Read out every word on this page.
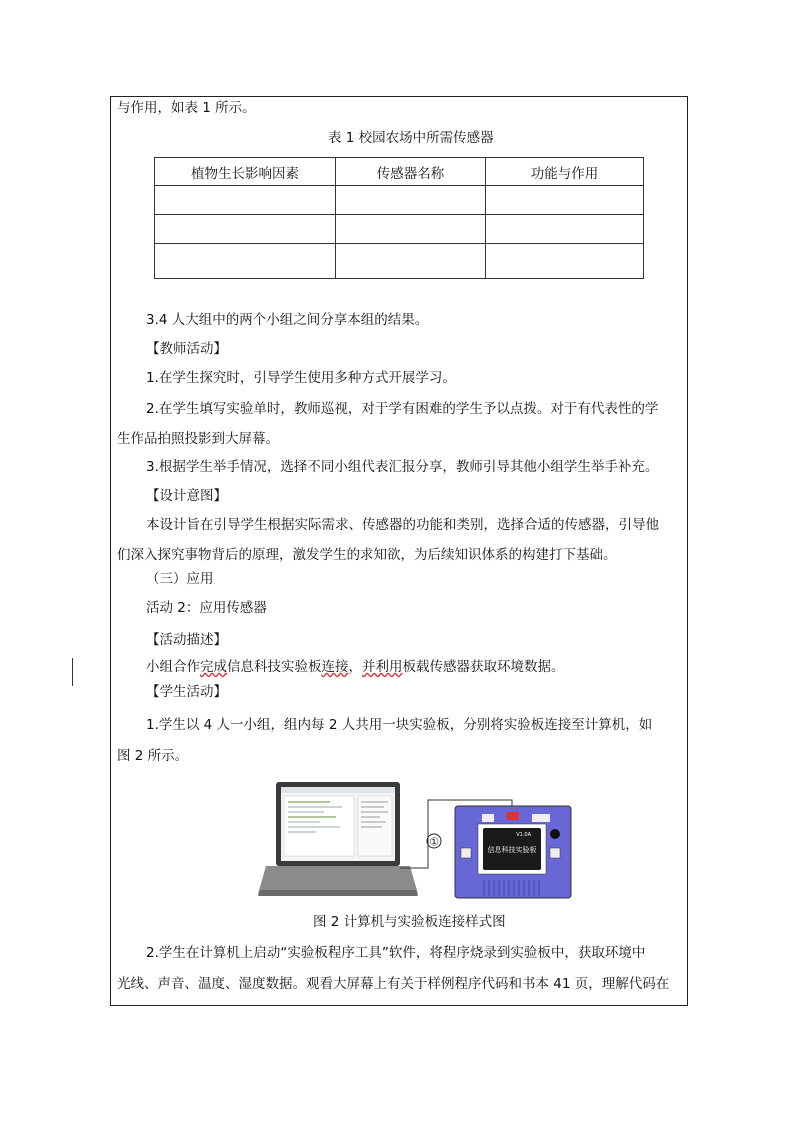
与作用，如表 1 所示。
表 1 校园农场中所需传感器
植物生长影响因素	传感器名称	功能与作用

3.4 人大组中的两个小组之间分享本组的结果。
【教师活动】
1.在学生探究时，引导学生使用多种方式开展学习。
2.在学生填写实验单时，教师巡视，对于学有困难的学生予以点拨。对于有代表性的学
生作品拍照投影到大屏幕。
3.根据学生举手情况，选择不同小组代表汇报分享，教师引导其他小组学生举手补充。
【设计意图】
本设计旨在引导学生根据实际需求、传感器的功能和类别，选择合适的传感器，引导他
们深入探究事物背后的原理，激发学生的求知欲，为后续知识体系的构建打下基础。
（三）应用
活动 2：应用传感器
【活动描述】
小组合作完成信息科技实验板连接，并利用板载传感器获取环境数据。
【学生活动】
1.学生以 4 人一小组，组内每 2 人共用一块实验板，分别将实验板连接至计算机，如
图 2 所示。
①
V1.0A
信息科技实验板
图 2 计算机与实验板连接样式图
2.学生在计算机上启动“实验板程序工具”软件，将程序烧录到实验板中，获取环境中
光线、声音、温度、湿度数据。观看大屏幕上有关于样例程序代码和书本 41 页，理解代码在
